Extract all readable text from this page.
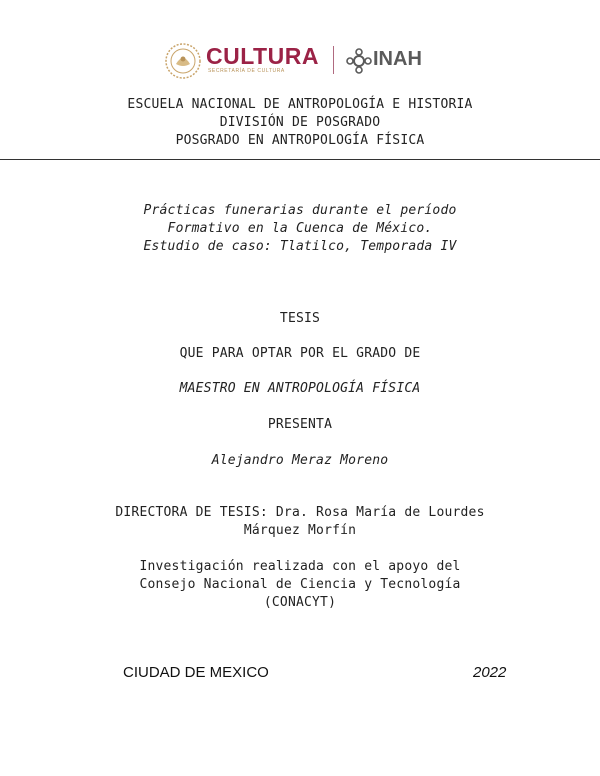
CULTURA
SECRETARÍA DE CULTURA
INAH
ESCUELA NACIONAL DE ANTROPOLOGÍA E HISTORIA
DIVISIÓN DE POSGRADO
POSGRADO EN ANTROPOLOGÍA FÍSICA
Prácticas funerarias durante el período
Formativo en la Cuenca de México.
Estudio de caso: Tlatilco, Temporada IV
TESIS
QUE PARA OPTAR POR EL GRADO DE
MAESTRO EN ANTROPOLOGÍA FÍSICA
PRESENTA
Alejandro Meraz Moreno
DIRECTORA DE TESIS: Dra. Rosa María de Lourdes
Márquez Morfín
Investigación realizada con el apoyo del
Consejo Nacional de Ciencia y Tecnología
(CONACYT)
CIUDAD DE MEXICO	2022
